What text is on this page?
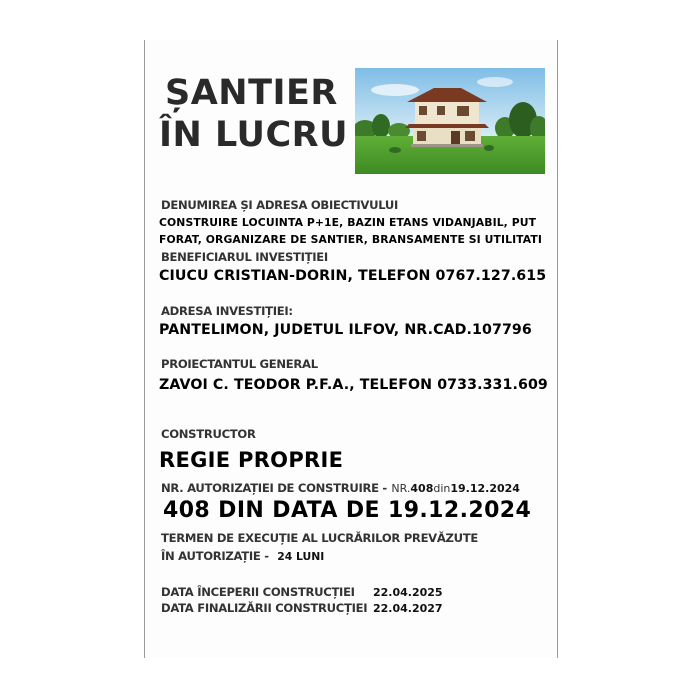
ȘANTIER
ÎN LUCRU
DENUMIREA ȘI ADRESA OBIECTIVULUI
CONSTRUIRE LOCUINTA P+1E, BAZIN ETANS VIDANJABIL, PUT FORAT, ORGANIZARE DE SANTIER, BRANSAMENTE SI UTILITATI
BENEFICIARUL INVESTIȚIEI
CIUCU CRISTIAN-DORIN, TELEFON 0767.127.615
ADRESA INVESTIȚIEI:
PANTELIMON, JUDETUL ILFOV, NR.CAD.107796
PROIECTANTUL GENERAL
ZAVOI C. TEODOR P.F.A., TELEFON 0733.331.609
CONSTRUCTOR
REGIE PROPRIE
NR. AUTORIZAȚIEI DE CONSTRUIRE - NR.408din19.12.2024
408 DIN DATA DE 19.12.2024
TERMEN DE EXECUȚIE AL LUCRĂRILOR PREVĂZUTE
ÎN AUTORIZAȚIE - 24 LUNI
DATA ÎNCEPERII CONSTRUCȚIEI 22.04.2025
DATA FINALIZĂRII CONSTRUCȚIEI 22.04.2027
